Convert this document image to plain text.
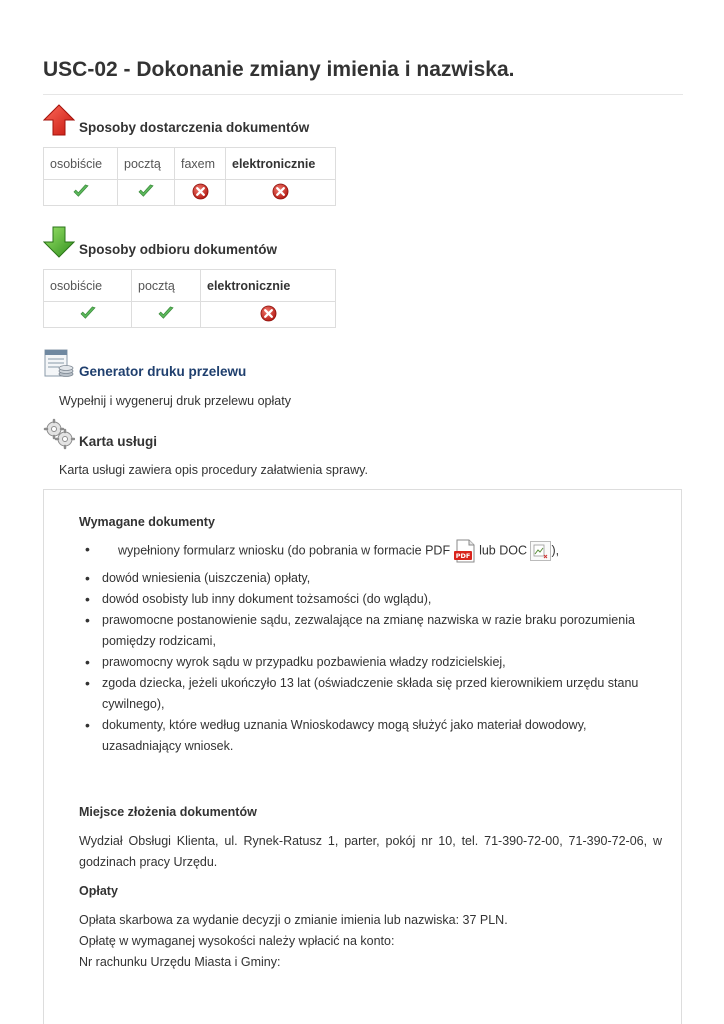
USC-02 - Dokonanie zmiany imienia i nazwiska.
Sposoby dostarczenia dokumentów
osobiście	pocztą	faxem	elektronicznie

Sposoby odbioru dokumentów
osobiście	pocztą	elektronicznie

Generator druku przelewu
Wypełnij i wygeneruj druk przelewu opłaty
Karta usługi
Karta usługi zawiera opis procedury załatwienia sprawy.
Wymagane dokumenty
• wypełniony formularz wniosku (do pobrania w formacie PDF PDF lub DOC ),
• dowód wniesienia (uiszczenia) opłaty,
• dowód osobisty lub inny dokument tożsamości (do wglądu),
• prawomocne postanowienie sądu, zezwalające na zmianę nazwiska w razie braku porozumienia pomiędzy rodzicami,
• prawomocny wyrok sądu w przypadku pozbawienia władzy rodzicielskiej,
• zgoda dziecka, jeżeli ukończyło 13 lat (oświadczenie składa się przed kierownikiem urzędu stanu cywilnego),
• dokumenty, które według uznania Wnioskodawcy mogą służyć jako materiał dowodowy, uzasadniający wniosek.
Miejsce złożenia dokumentów
Wydział Obsługi Klienta, ul. Rynek-Ratusz 1, parter, pokój nr 10, tel. 71-390-72-00, 71-390-72-06, w godzinach pracy Urzędu.
Opłaty
Opłata skarbowa za wydanie decyzji o zmianie imienia lub nazwiska: 37 PLN.
Opłatę w wymaganej wysokości należy wpłacić na konto:
Nr rachunku Urzędu Miasta i Gminy:
